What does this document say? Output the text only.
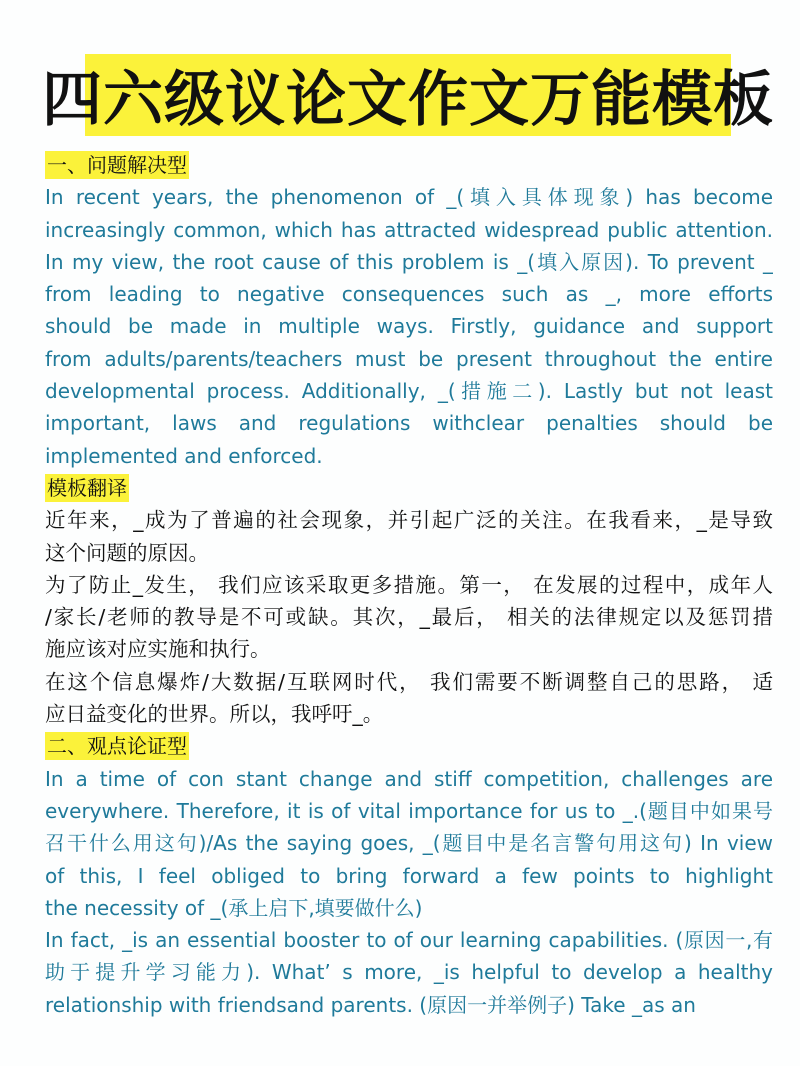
四六级议论文作文万能模板
一、问题解决型
In recent years, the phenomenon of _(填入具体现象) has become
increasingly common, which has attracted widespread public attention.
In my view, the root cause of this problem is _(填入原因). To prevent _
from leading to negative consequences such as _, more efforts
should be made in multiple ways. Firstly, guidance and support
from adults/parents/teachers must be present throughout the entire
developmental process. Additionally, _(措施二). Lastly but not least
important, laws and regulations withclear penalties should be
implemented and enforced.
模板翻译
近年来，_成为了普遍的社会现象，并引起广泛的关注。在我看来，_是导致
这个问题的原因。
为了防止_发生， 我们应该采取更多措施。第一， 在发展的过程中，成年人
/家长/老师的教导是不可或缺。其次，_最后， 相关的法律规定以及惩罚措
施应该对应实施和执行。
在这个信息爆炸/大数据/互联网时代， 我们需要不断调整自己的思路， 适
应日益变化的世界。所以，我呼吁_。
二、观点论证型
In a time of con stant change and stiff competition, challenges are
everywhere. Therefore, it is of vital importance for us to _.(题目中如果号
召干什么用这句)/As the saying goes, _(题目中是名言警句用这句) In view
of this, I feel obliged to bring forward a few points to highlight
the necessity of _(承上启下,填要做什么)
In fact, _is an essential booster to of our learning capabilities. (原因一,有
助于提升学习能力). What’ s more, _is helpful to develop a healthy
relationship with friendsand parents. (原因一并举例子) Take _as an
